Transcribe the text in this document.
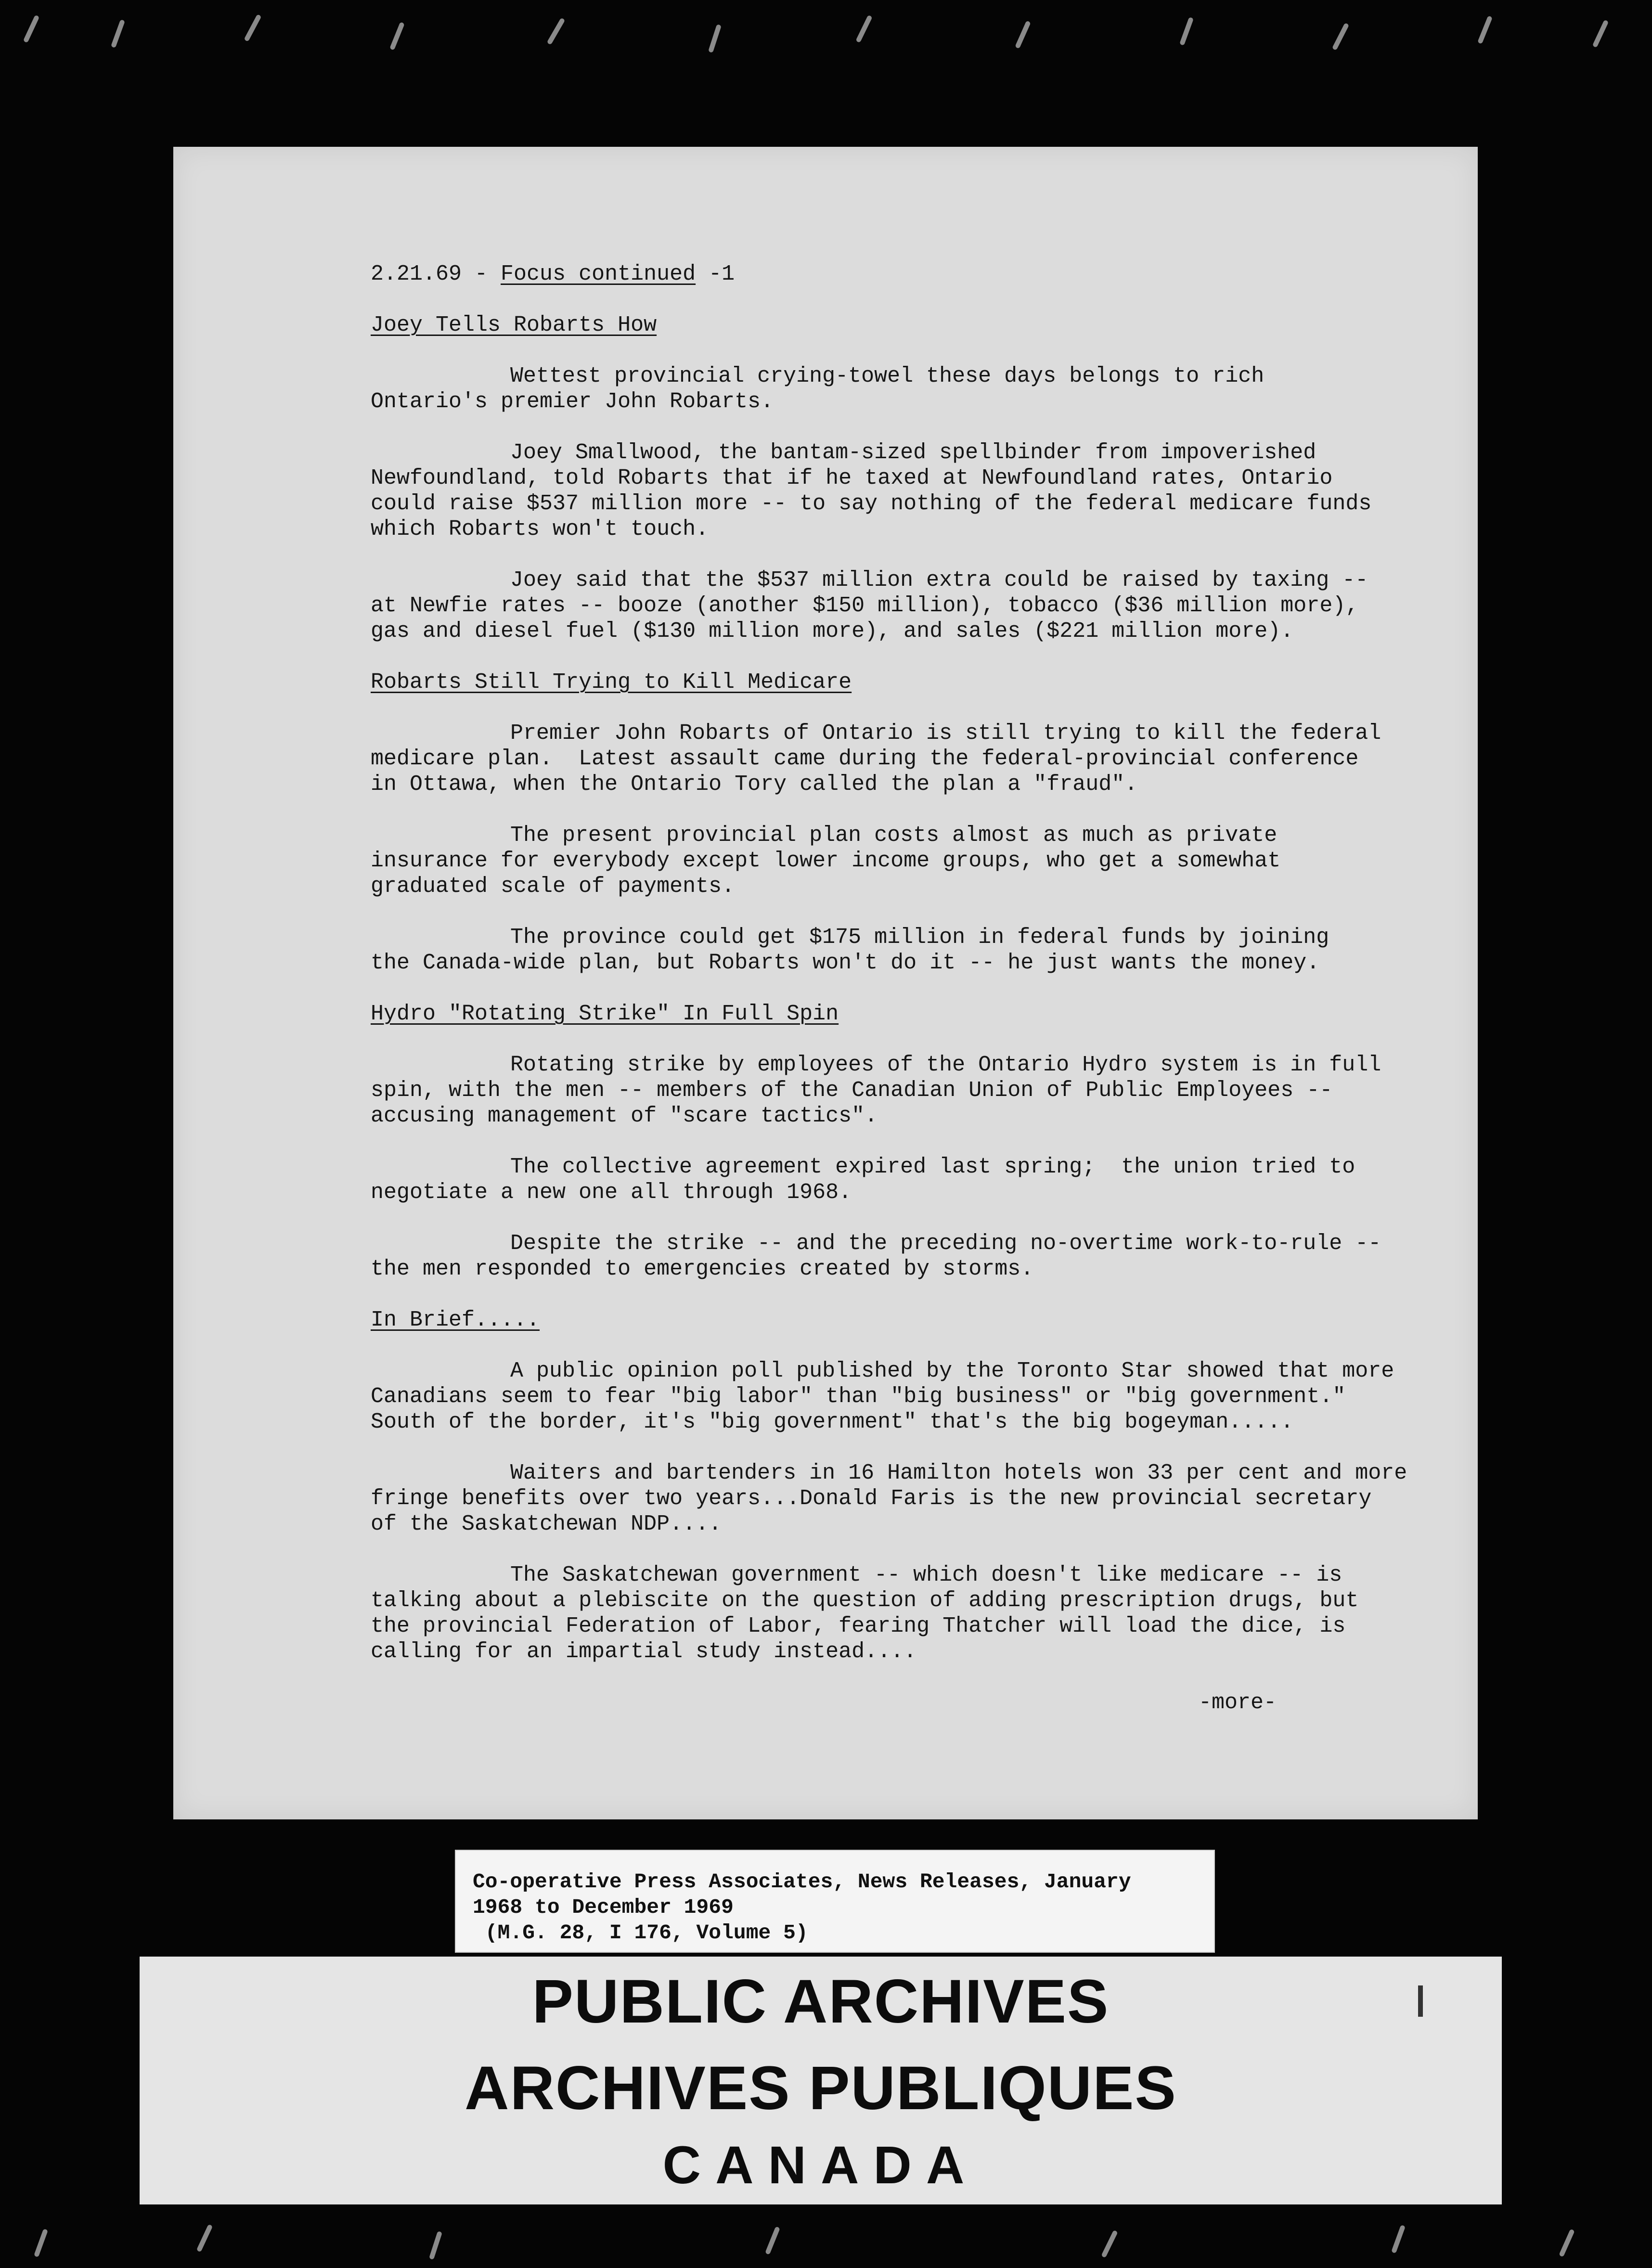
2.21.69 - Focus continued -1
Joey Tells Robarts How
Wettest provincial crying-towel these days belongs to rich
Ontario's premier John Robarts.
Joey Smallwood, the bantam-sized spellbinder from impoverished
Newfoundland, told Robarts that if he taxed at Newfoundland rates, Ontario
could raise $537 million more -- to say nothing of the federal medicare funds
which Robarts won't touch.
Joey said that the $537 million extra could be raised by taxing --
at Newfie rates -- booze (another $150 million), tobacco ($36 million more),
gas and diesel fuel ($130 million more), and sales ($221 million more).
Robarts Still Trying to Kill Medicare
Premier John Robarts of Ontario is still trying to kill the federal
medicare plan.  Latest assault came during the federal-provincial conference
in Ottawa, when the Ontario Tory called the plan a "fraud".
The present provincial plan costs almost as much as private
insurance for everybody except lower income groups, who get a somewhat
graduated scale of payments.
The province could get $175 million in federal funds by joining
the Canada-wide plan, but Robarts won't do it -- he just wants the money.
Hydro "Rotating Strike" In Full Spin
Rotating strike by employees of the Ontario Hydro system is in full
spin, with the men -- members of the Canadian Union of Public Employees --
accusing management of "scare tactics".
The collective agreement expired last spring;  the union tried to
negotiate a new one all through 1968.
Despite the strike -- and the preceding no-overtime work-to-rule --
the men responded to emergencies created by storms.
In Brief.....
A public opinion poll published by the Toronto Star showed that more
Canadians seem to fear "big labor" than "big business" or "big government."
South of the border, it's "big government" that's the big bogeyman.....
Waiters and bartenders in 16 Hamilton hotels won 33 per cent and more
fringe benefits over two years...Donald Faris is the new provincial secretary
of the Saskatchewan NDP....
The Saskatchewan government -- which doesn't like medicare -- is
talking about a plebiscite on the question of adding prescription drugs, but
the provincial Federation of Labor, fearing Thatcher will load the dice, is
calling for an impartial study instead....
-more-
Co-operative Press Associates, News Releases, January
1968 to December 1969
(M.G. 28, I 176, Volume 5)
PUBLIC ARCHIVES
ARCHIVES PUBLIQUES
CANADA
